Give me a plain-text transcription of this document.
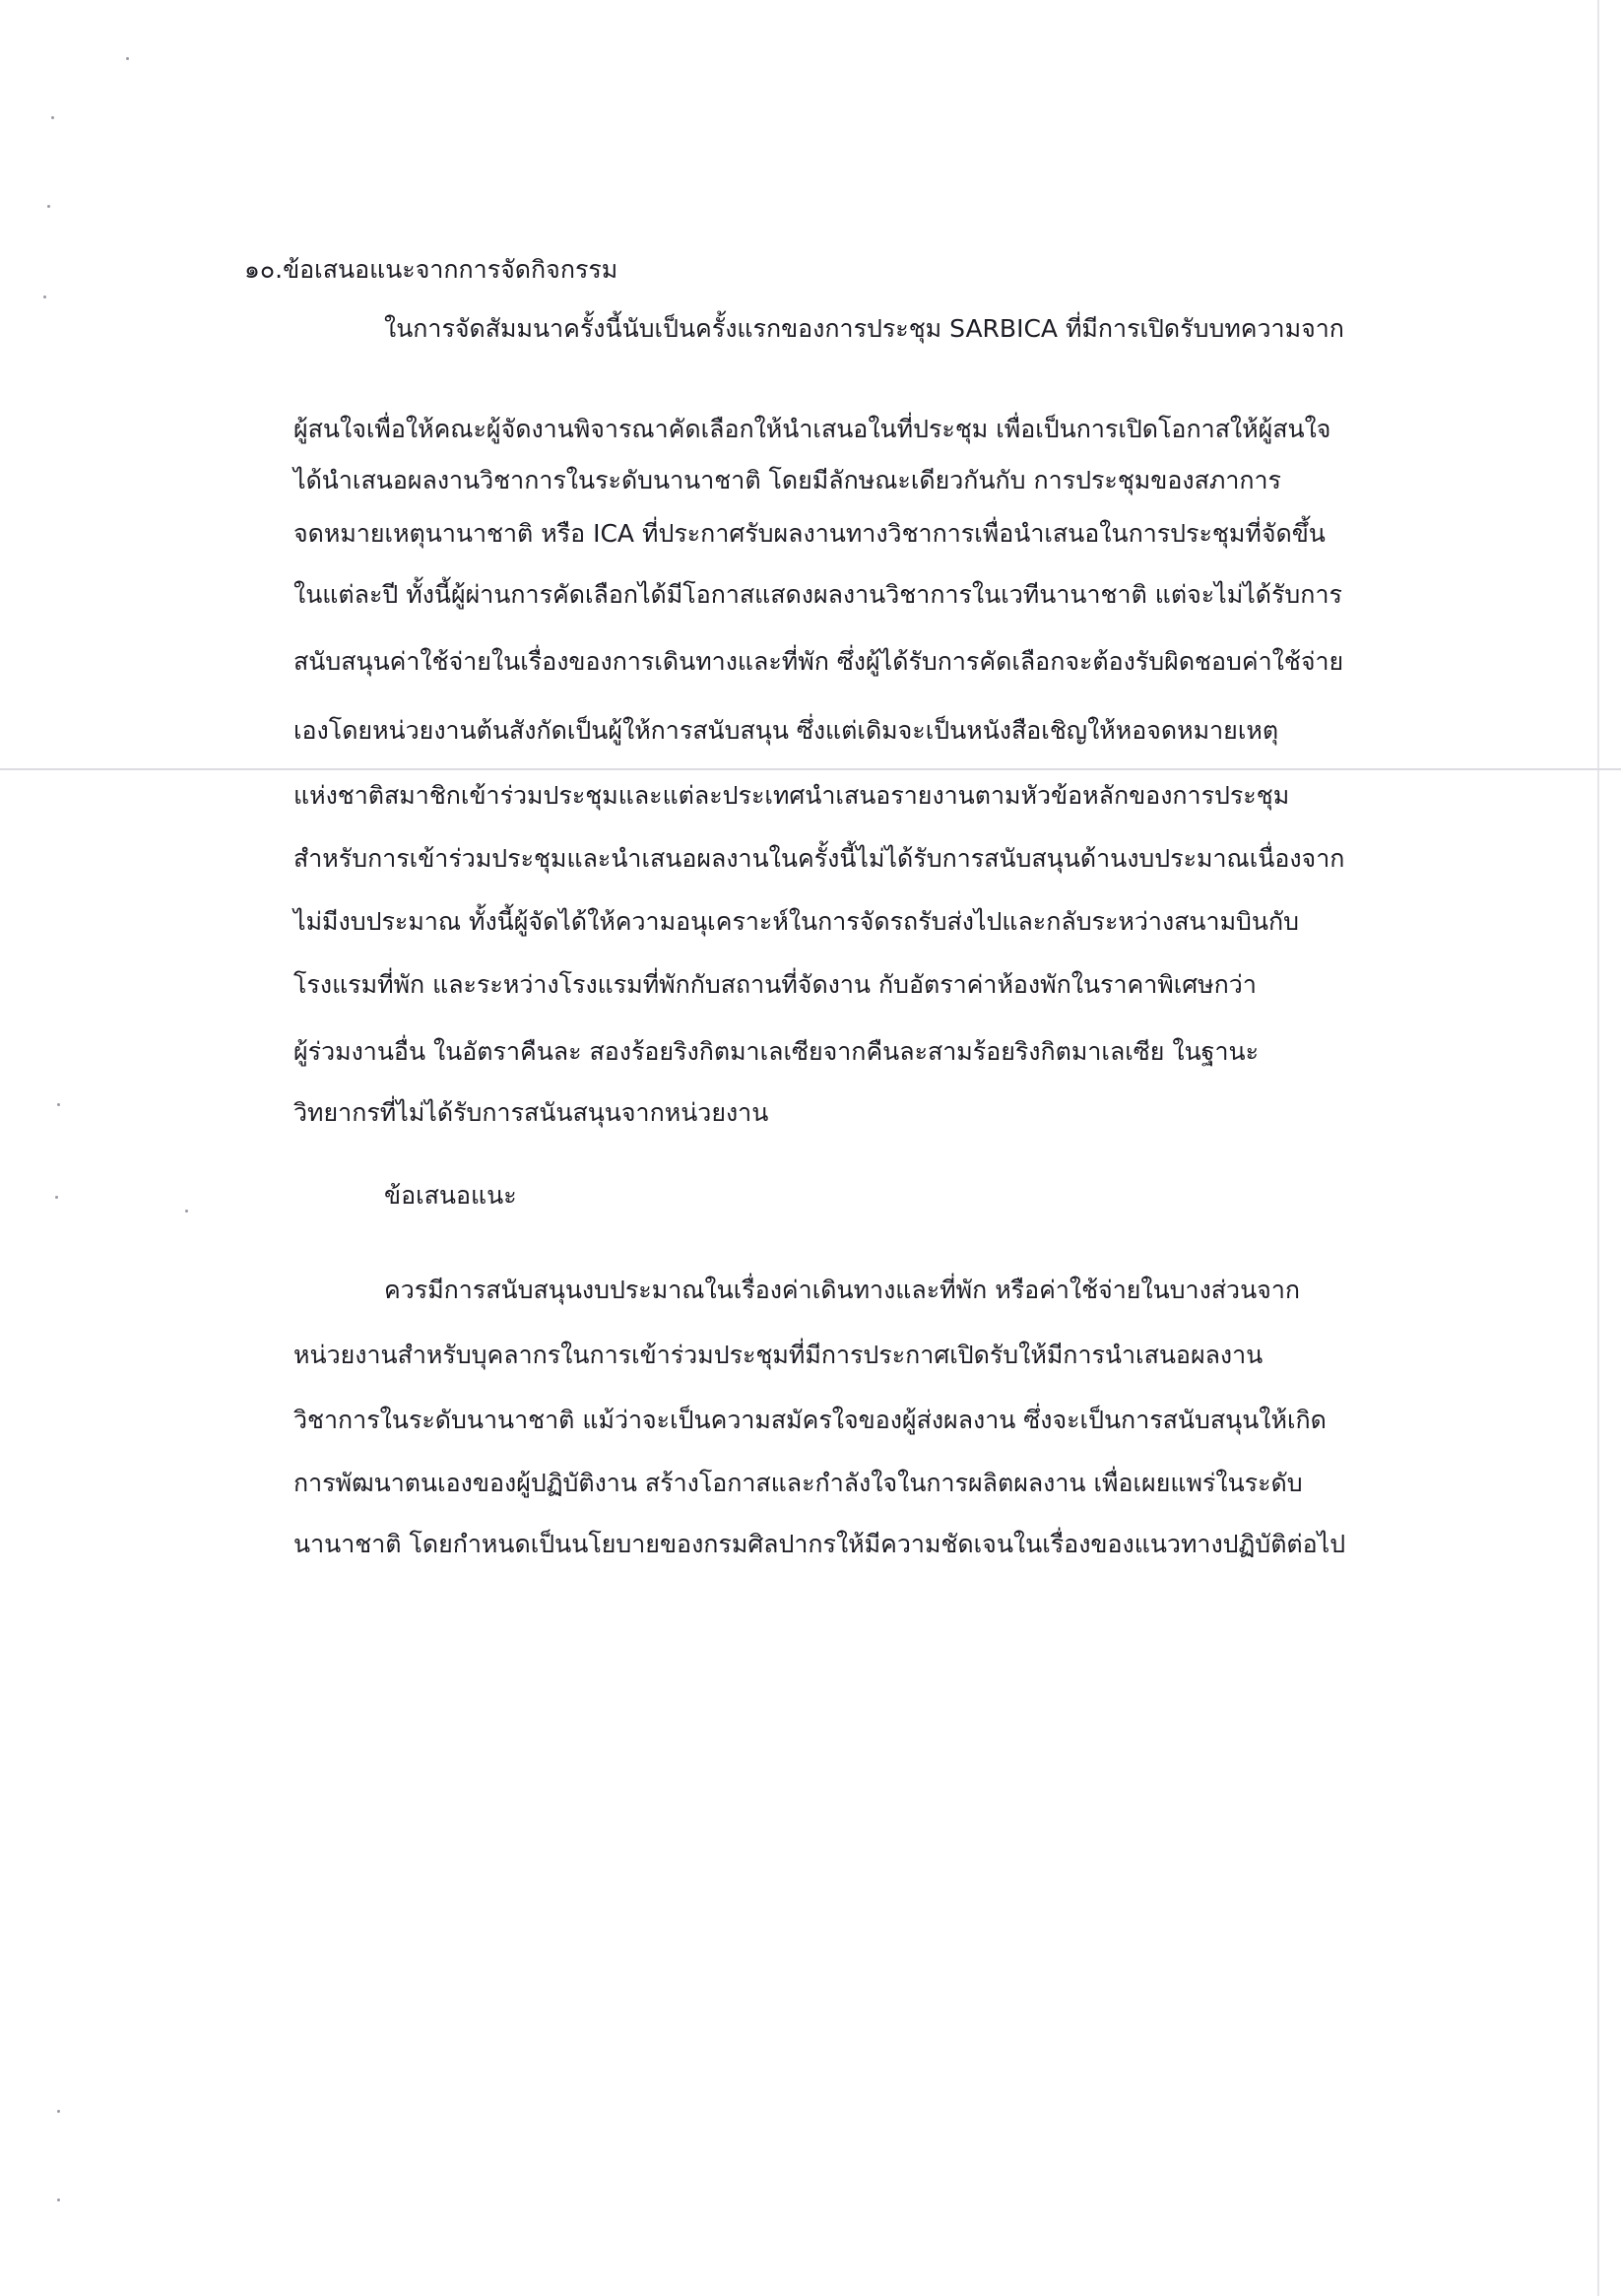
๑๐.ข้อเสนอแนะจากการจัดกิจกรรม
ในการจัดสัมมนาครั้งนี้นับเป็นครั้งแรกของการประชุม SARBICA ที่มีการเปิดรับบทความจาก
ผู้สนใจเพื่อให้คณะผู้จัดงานพิจารณาคัดเลือกให้นำเสนอในที่ประชุม เพื่อเป็นการเปิดโอกาสให้ผู้สนใจ
ได้นำเสนอผลงานวิชาการในระดับนานาชาติ โดยมีลักษณะเดียวกันกับ การประชุมของสภาการ
จดหมายเหตุนานาชาติ หรือ ICA ที่ประกาศรับผลงานทางวิชาการเพื่อนำเสนอในการประชุมที่จัดขึ้น
ในแต่ละปี ทั้งนี้ผู้ผ่านการคัดเลือกได้มีโอกาสแสดงผลงานวิชาการในเวทีนานาชาติ แต่จะไม่ได้รับการ
สนับสนุนค่าใช้จ่ายในเรื่องของการเดินทางและที่พัก ซึ่งผู้ได้รับการคัดเลือกจะต้องรับผิดชอบค่าใช้จ่าย
เองโดยหน่วยงานต้นสังกัดเป็นผู้ให้การสนับสนุน ซึ่งแต่เดิมจะเป็นหนังสือเชิญให้หอจดหมายเหตุ
แห่งชาติสมาชิกเข้าร่วมประชุมและแต่ละประเทศนำเสนอรายงานตามหัวข้อหลักของการประชุม
สำหรับการเข้าร่วมประชุมและนำเสนอผลงานในครั้งนี้ไม่ได้รับการสนับสนุนด้านงบประมาณเนื่องจาก
ไม่มีงบประมาณ ทั้งนี้ผู้จัดได้ให้ความอนุเคราะห์ในการจัดรถรับส่งไปและกลับระหว่างสนามบินกับ
โรงแรมที่พัก และระหว่างโรงแรมที่พักกับสถานที่จัดงาน กับอัตราค่าห้องพักในราคาพิเศษกว่า
ผู้ร่วมงานอื่น ในอัตราคืนละ สองร้อยริงกิตมาเลเซียจากคืนละสามร้อยริงกิตมาเลเซีย ในฐานะ
วิทยากรที่ไม่ได้รับการสนันสนุนจากหน่วยงาน
ข้อเสนอแนะ
ควรมีการสนับสนุนงบประมาณในเรื่องค่าเดินทางและที่พัก หรือค่าใช้จ่ายในบางส่วนจาก
หน่วยงานสำหรับบุคลากรในการเข้าร่วมประชุมที่มีการประกาศเปิดรับให้มีการนำเสนอผลงาน
วิชาการในระดับนานาชาติ แม้ว่าจะเป็นความสมัครใจของผู้ส่งผลงาน ซึ่งจะเป็นการสนับสนุนให้เกิด
การพัฒนาตนเองของผู้ปฏิบัติงาน สร้างโอกาสและกำลังใจในการผลิตผลงาน เพื่อเผยแพร่ในระดับ
นานาชาติ โดยกำหนดเป็นนโยบายของกรมศิลปากรให้มีความชัดเจนในเรื่องของแนวทางปฏิบัติต่อไป
